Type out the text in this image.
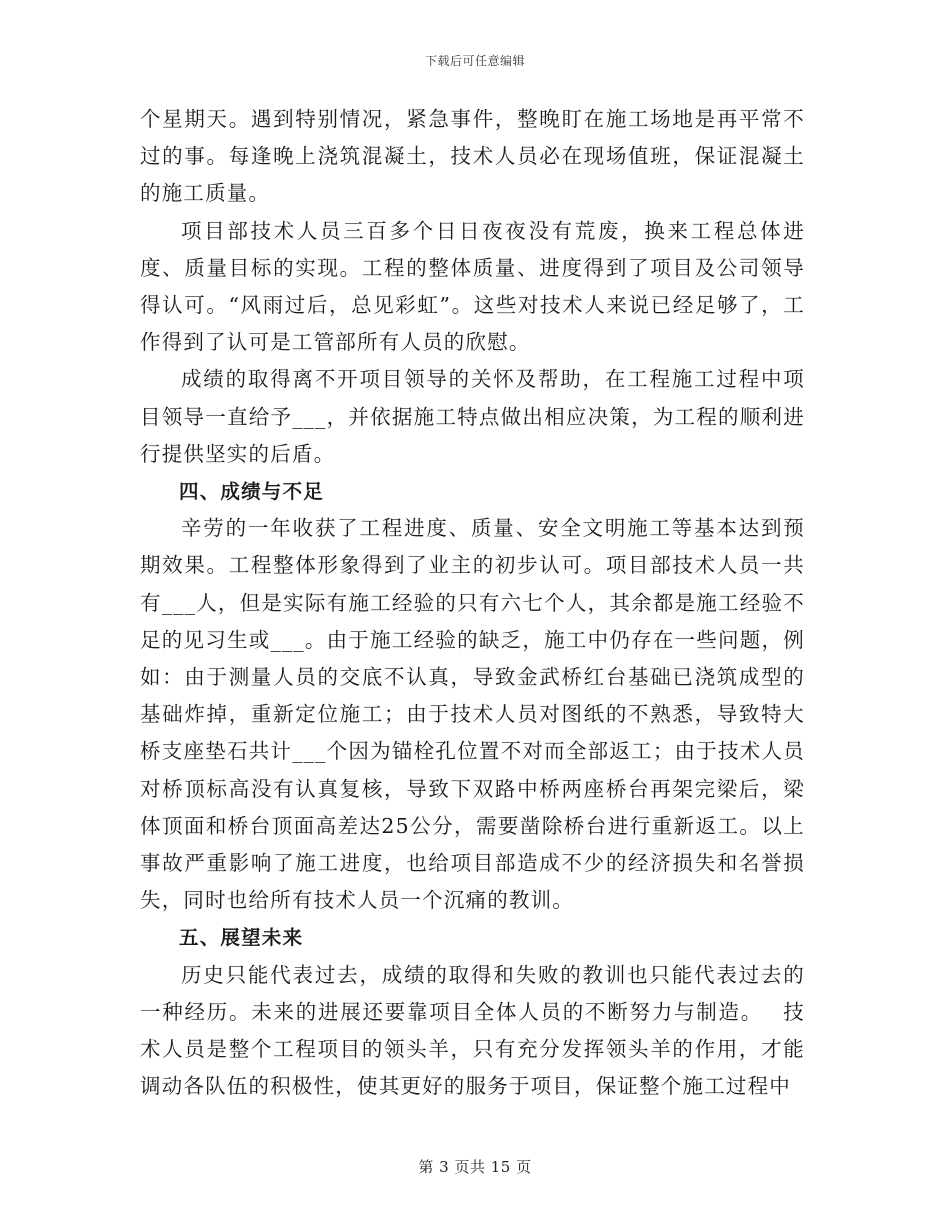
下载后可任意编辑

个星期天。遇到特别情况，紧急事件，整晚盯在施工场地是再平常不过的事。每逢晚上浇筑混凝土，技术人员必在现场值班，保证混凝土的施工质量。

项目部技术人员三百多个日日夜夜没有荒废，换来工程总体进度、质量目标的实现。工程的整体质量、进度得到了项目及公司领导得认可。“风雨过后，总见彩虹”。这些对技术人来说已经足够了，工作得到了认可是工管部所有人员的欣慰。

成绩的取得离不开项目领导的关怀及帮助，在工程施工过程中项目领导一直给予___，并依据施工特点做出相应决策，为工程的顺利进行提供坚实的后盾。

四、成绩与不足

辛劳的一年收获了工程进度、质量、安全文明施工等基本达到预期效果。工程整体形象得到了业主的初步认可。项目部技术人员一共有___人，但是实际有施工经验的只有六七个人，其余都是施工经验不足的见习生或___。由于施工经验的缺乏，施工中仍存在一些问题，例如：由于测量人员的交底不认真，导致金武桥红台基础已浇筑成型的基础炸掉，重新定位施工；由于技术人员对图纸的不熟悉，导致特大桥支座垫石共计___个因为锚栓孔位置不对而全部返工；由于技术人员对桥顶标高没有认真复核，导致下双路中桥两座桥台再架完梁后，梁体顶面和桥台顶面高差达25公分，需要凿除桥台进行重新返工。以上事故严重影响了施工进度，也给项目部造成不少的经济损失和名誉损失，同时也给所有技术人员一个沉痛的教训。

五、展望未来

历史只能代表过去，成绩的取得和失败的教训也只能代表过去的一种经历。未来的进展还要靠项目全体人员的不断努力与制造。　 技术人员是整个工程项目的领头羊，只有充分发挥领头羊的作用，才能调动各队伍的积极性，使其更好的服务于项目，保证整个施工过程中

第 3 页共 15 页
